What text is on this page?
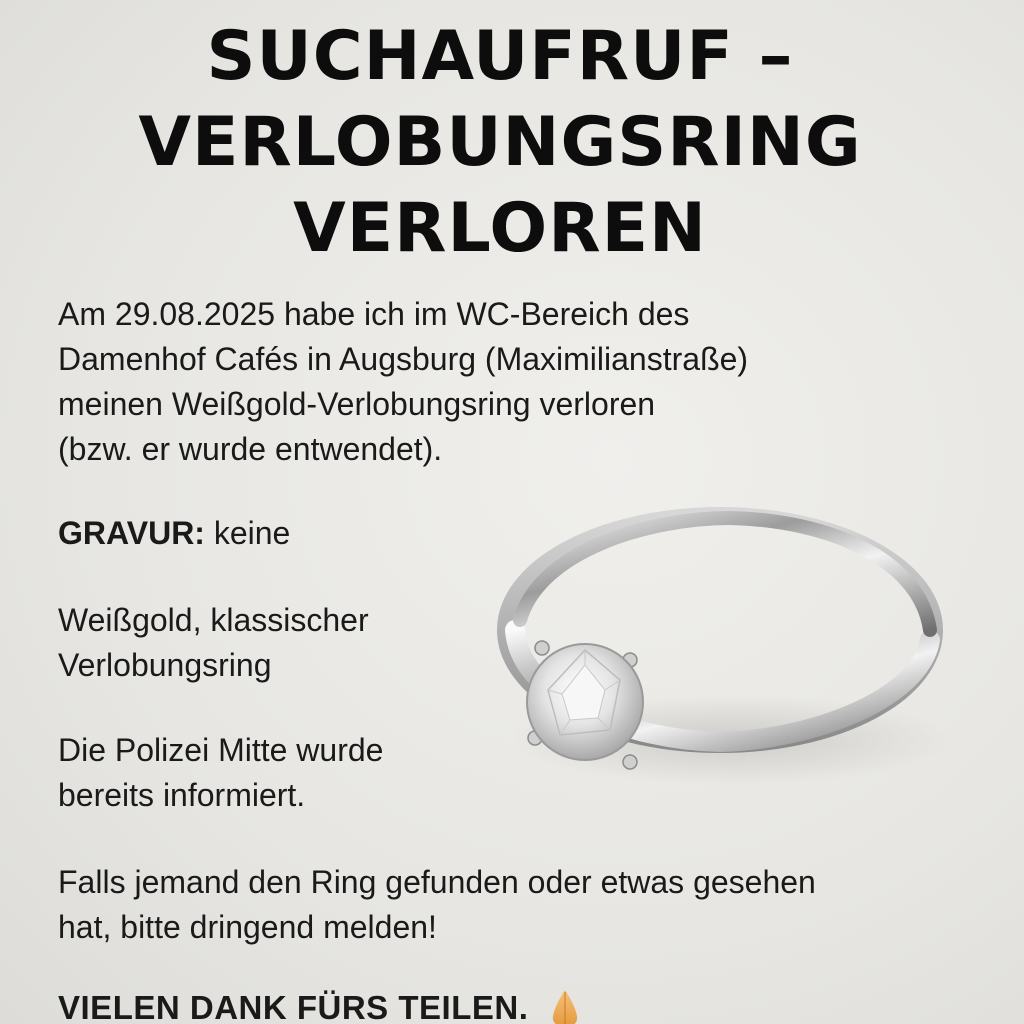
SUCHAUFRUF –
VERLOBUNGSRING
VERLOREN
Am 29.08.2025 habe ich im WC-Bereich des
Damenhof Cafés in Augsburg (Maximilianstraße)
meinen Weißgold-Verlobungsring verloren
(bzw. er wurde entwendet).
GRAVUR: keine
Weißgold, klassischer
Verlobungsring
Die Polizei Mitte wurde
bereits informiert.
Falls jemand den Ring gefunden oder etwas gesehen
hat, bitte dringend melden!
VIELEN DANK FÜRS TEILEN.
